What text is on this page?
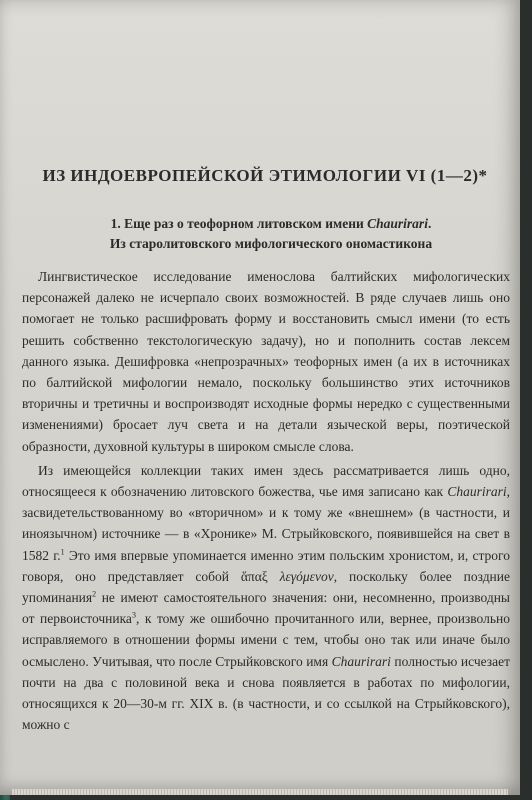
ИЗ ИНДОЕВРОПЕЙСКОЙ ЭТИМОЛОГИИ VI (1—2)*
1. Еще раз о теофорном литовском имени Chaurirari.
Из старолитовского мифологического ономастикона

Лингвистическое исследование именослова балтийских мифологических персонажей далеко не исчерпало своих возможностей. В ряде случаев лишь оно помогает не только расшифровать форму и восстановить смысл имени (то есть решить собственно текстологическую задачу), но и пополнить состав лексем данного языка. Дешифровка «непрозрачных» теофорных имен (а их в источниках по балтийской мифологии немало, поскольку большинство этих источников вторичны и третичны и воспроизводят исходные формы нередко с существенными изменениями) бросает луч света и на детали языческой веры, поэтической образности, духовной культуры в широком смысле слова.

Из имеющейся коллекции таких имен здесь рассматривается лишь одно, относящееся к обозначению литовского божества, чье имя записано как Chaurirari, засвидетельствованному во «вторичном» и к тому же «внешнем» (в частности, и иноязычном) источнике — в «Хронике» М. Стрыйковского, появившейся на свет в 1582 г.$^1$ Это имя впервые упоминается именно этим польским хронистом, и, строго говоря, оно представляет собой ἅπαξ λεγόμενον, поскольку более поздние упоминания$^2$ не имеют самостоятельного значения: они, несомненно, производны от первоисточника$^3$, к тому же ошибочно прочитанного или, вернее, произвольно исправляемого в отношении формы имени с тем, чтобы оно так или иначе было осмыслено. Учитывая, что после Стрыйковского имя Chaurirari полностью исчезает почти на два с половиной века и снова появляется в работах по мифологии, относящихся к 20—30-м гг. XIX в. (в частности, и со ссылкой на Стрыйковского), можно с
